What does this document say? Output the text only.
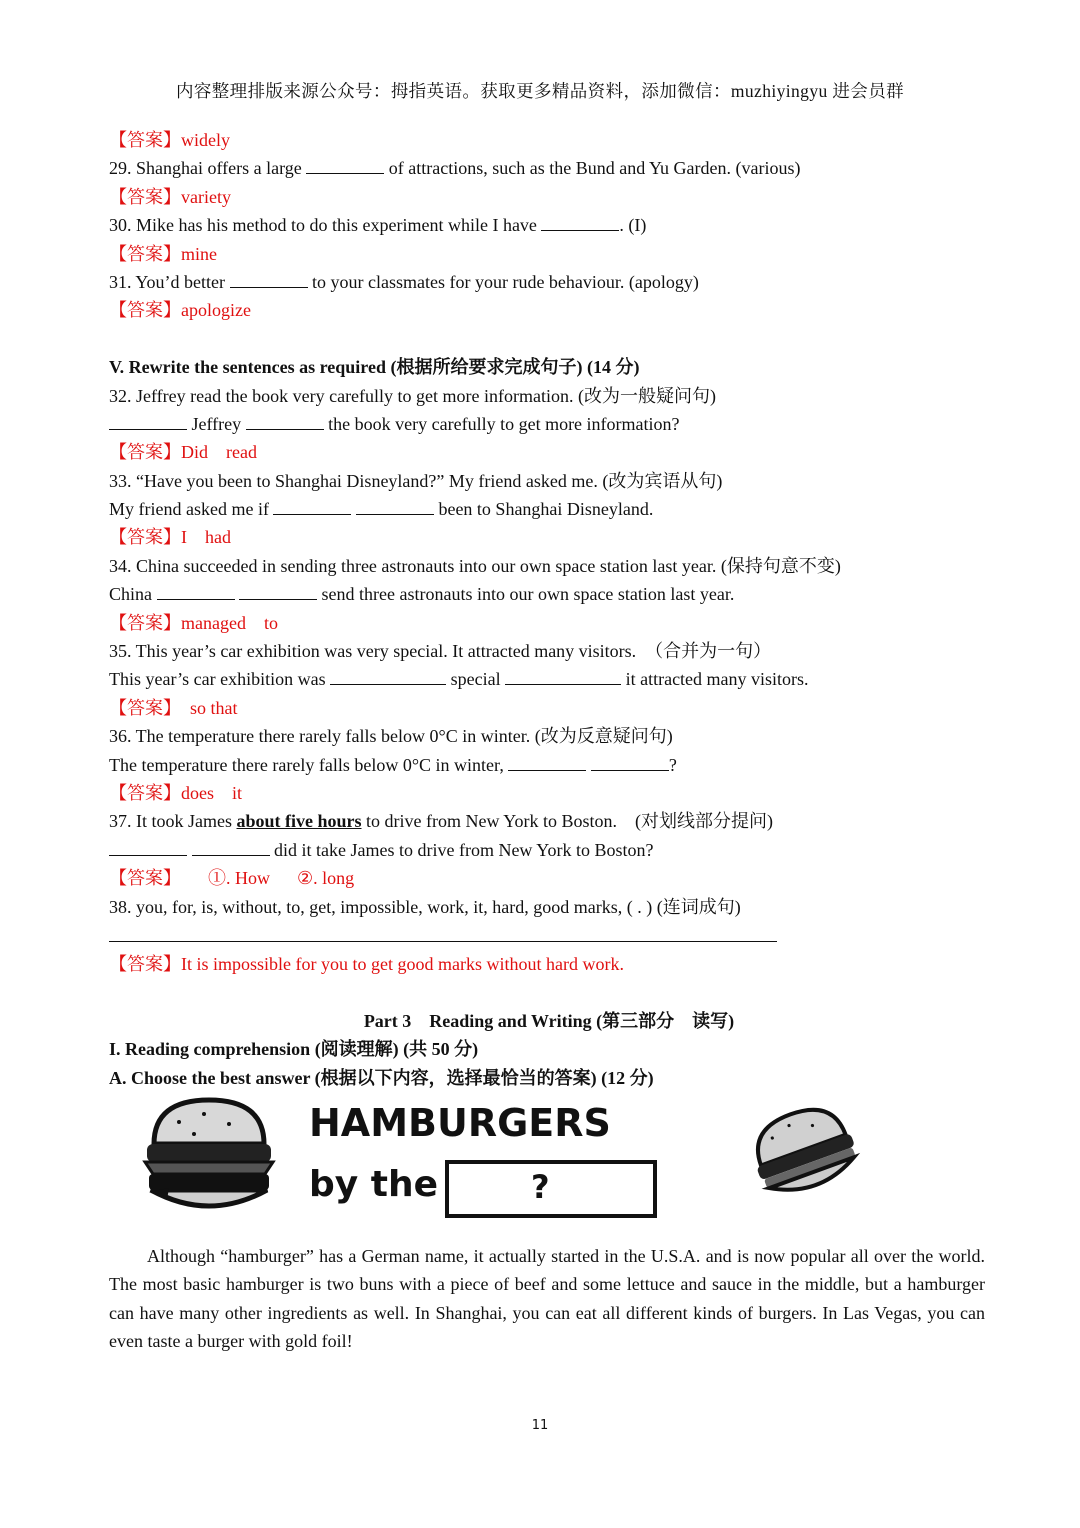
内容整理排版来源公众号：拇指英语。获取更多精品资料，添加微信：muzhiyingyu 进会员群
【答案】widely
29. Shanghai offers a large	of attractions, such as the Bund and Yu Garden. (various)
【答案】variety
30. Mike has his method to do this experiment while I have	. (I)
【答案】mine
31. You’d better	to your classmates for your rude behaviour. (apology)
【答案】apologize
V. Rewrite the sentences as required (根据所给要求完成句子) (14 分)
32. Jeffrey read the book very carefully to get more information. (改为一般疑问句)
Jeffrey	the book very carefully to get more information?
【答案】Did    read
33. “Have you been to Shanghai Disneyland?” My friend asked me. (改为宾语从句)
My friend asked me if	been to Shanghai Disneyland.
【答案】I    had
34. China succeeded in sending three astronauts into our own space station last year. (保持句意不变)
China	send three astronauts into our own space station last year.
【答案】managed    to
35. This year’s car exhibition was very special. It attracted many visitors.  （合并为一句）
This year’s car exhibition was	special	it attracted many visitors.
【答案】  so that
36. The temperature there rarely falls below 0°C in winter. (改为反意疑问句)
The temperature there rarely falls below 0°C in winter,	?
【答案】does    it
37. It took James about five hours to drive from New York to Boston.    (对划线部分提问)
did it take James to drive from New York to Boston?
【答案】      ①. How      ②. long
38. you, for, is, without, to, get, impossible, work, it, hard, good marks, ( . ) (连词成句)
【答案】It is impossible for you to get good marks without hard work.
Part 3    Reading and Writing (第三部分    读写)
I. Reading comprehension (阅读理解) (共 50 分)
A. Choose the best answer (根据以下内容，选择最恰当的答案) (12 分)
HAMBURGERS
by the	?

Although “hamburger” has a German name, it actually started in the U.S.A. and is now popular all over the world. The most basic hamburger is two buns with a piece of beef and some lettuce and sauce in the middle, but a hamburger can have many other ingredients as well. In Shanghai, you can eat all different kinds of burgers. In Las Vegas, you can even taste a burger with gold foil!

11
